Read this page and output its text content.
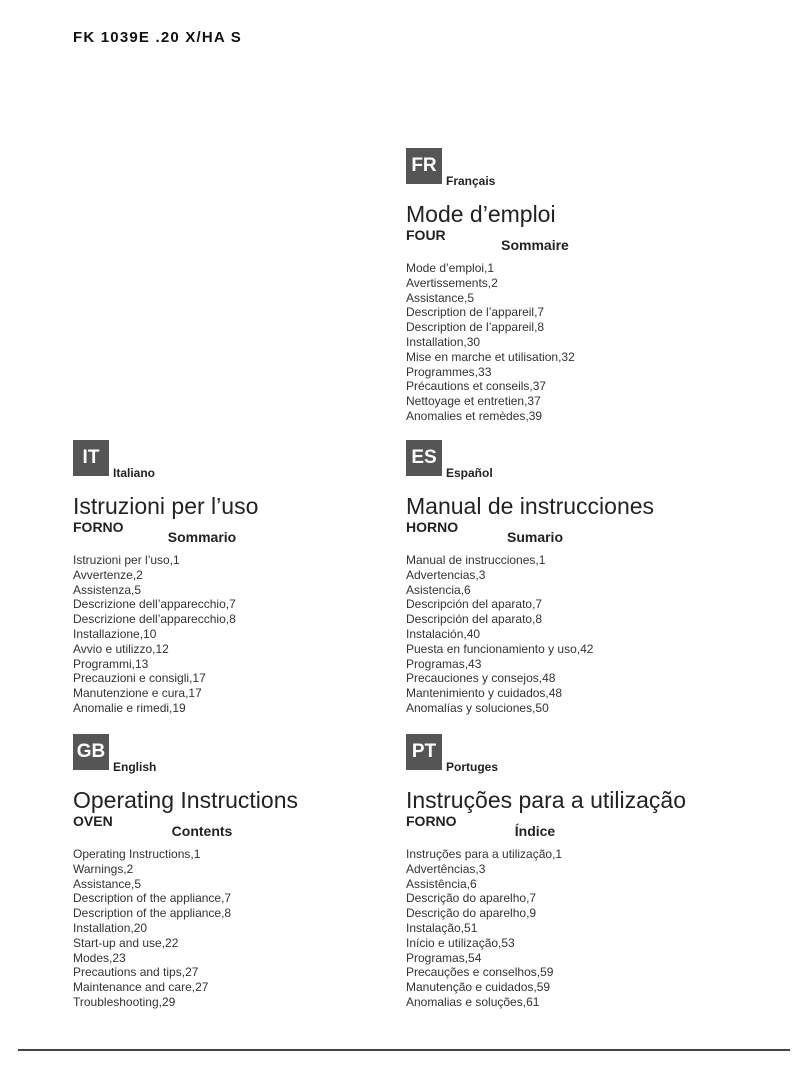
FK 1039E .20 X/HA S
FR
Français
Mode d’emploi
FOUR
Sommaire
Mode d’emploi,1
Avertissements,2
Assistance,5
Description de l’appareil,7
Description de l’appareil,8
Installation,30
Mise en marche et utilisation,32
Programmes,33
Précautions et conseils,37
Nettoyage et entretien,37
Anomalies et remèdes,39
IT
Italiano
Istruzioni per l’uso
FORNO
Sommario
Istruzioni per l’uso,1
Avvertenze,2
Assistenza,5
Descrizione dell’apparecchio,7
Descrizione dell’apparecchio,8
Installazione,10
Avvio e utilizzo,12
Programmi,13
Precauzioni e consigli,17
Manutenzione e cura,17
Anomalie e rimedi,19
ES
Español
Manual de instrucciones
HORNO
Sumario
Manual de instrucciones,1
Advertencias,3
Asistencia,6
Descripción del aparato,7
Descripción del aparato,8
Instalación,40
Puesta en funcionamiento y uso,42
Programas,43
Precauciones y consejos,48
Mantenimiento y cuidados,48
Anomalías y soluciones,50
GB
English
Operating Instructions
OVEN
Contents
Operating Instructions,1
Warnings,2
Assistance,5
Description of the appliance,7
Description of the appliance,8
Installation,20
Start-up and use,22
Modes,23
Precautions and tips,27
Maintenance and care,27
Troubleshooting,29
PT
Portuges
Instruções para a utilização
FORNO
Índice
Instruções para a utilização,1
Advertências,3
Assistência,6
Descrição do aparelho,7
Descrição do aparelho,9
Instalação,51
Início e utilização,53
Programas,54
Precauções e conselhos,59
Manutenção e cuidados,59
Anomalias e soluções,61
